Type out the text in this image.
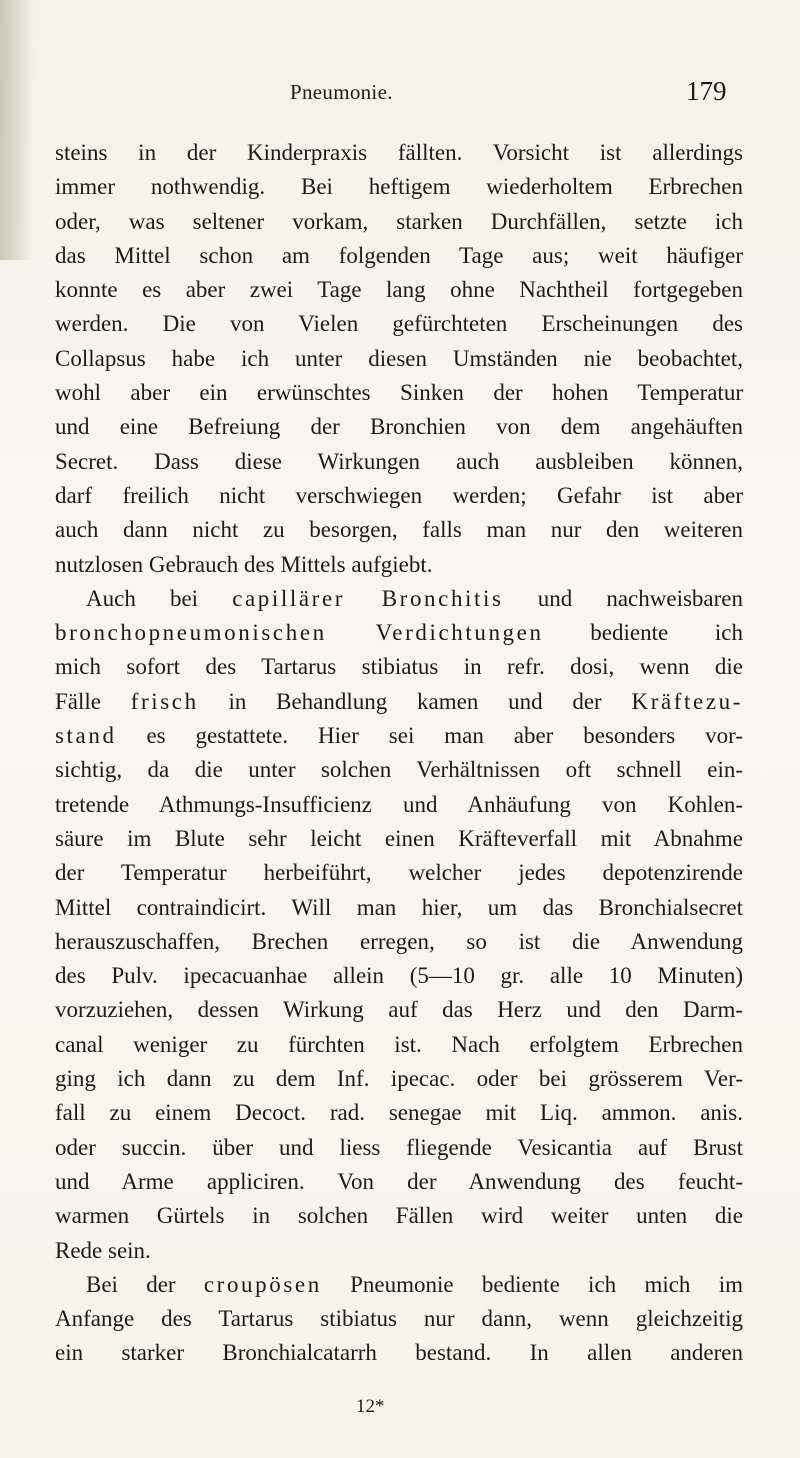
Pneumonie.	179
steins in der Kinderpraxis fällten. Vorsicht ist allerdings
immer nothwendig. Bei heftigem wiederholtem Erbrechen
oder, was seltener vorkam, starken Durchfällen, setzte ich
das Mittel schon am folgenden Tage aus; weit häufiger
konnte es aber zwei Tage lang ohne Nachtheil fortgegeben
werden. Die von Vielen gefürchteten Erscheinungen des
Collapsus habe ich unter diesen Umständen nie beobachtet,
wohl aber ein erwünschtes Sinken der hohen Temperatur
und eine Befreiung der Bronchien von dem angehäuften
Secret. Dass diese Wirkungen auch ausbleiben können,
darf freilich nicht verschwiegen werden; Gefahr ist aber
auch dann nicht zu besorgen, falls man nur den weiteren
nutzlosen Gebrauch des Mittels aufgiebt.
Auch bei capillärer Bronchitis und nachweisbaren
bronchopneumonischen Verdichtungen bediente ich
mich sofort des Tartarus stibiatus in refr. dosi, wenn die
Fälle frisch in Behandlung kamen und der Kräftezu-
stand es gestattete. Hier sei man aber besonders vor-
sichtig, da die unter solchen Verhältnissen oft schnell ein-
tretende Athmungs-Insufficienz und Anhäufung von Kohlen-
säure im Blute sehr leicht einen Kräfteverfall mit Abnahme
der Temperatur herbeiführt, welcher jedes depotenzirende
Mittel contraindicirt. Will man hier, um das Bronchialsecret
herauszuschaffen, Brechen erregen, so ist die Anwendung
des Pulv. ipecacuanhae allein (5—10 gr. alle 10 Minuten)
vorzuziehen, dessen Wirkung auf das Herz und den Darm-
canal weniger zu fürchten ist. Nach erfolgtem Erbrechen
ging ich dann zu dem Inf. ipecac. oder bei grösserem Ver-
fall zu einem Decoct. rad. senegae mit Liq. ammon. anis.
oder succin. über und liess fliegende Vesicantia auf Brust
und Arme appliciren. Von der Anwendung des feucht-
warmen Gürtels in solchen Fällen wird weiter unten die
Rede sein.
Bei der croupösen Pneumonie bediente ich mich im
Anfange des Tartarus stibiatus nur dann, wenn gleichzeitig
ein starker Bronchialcatarrh bestand. In allen anderen
12*
